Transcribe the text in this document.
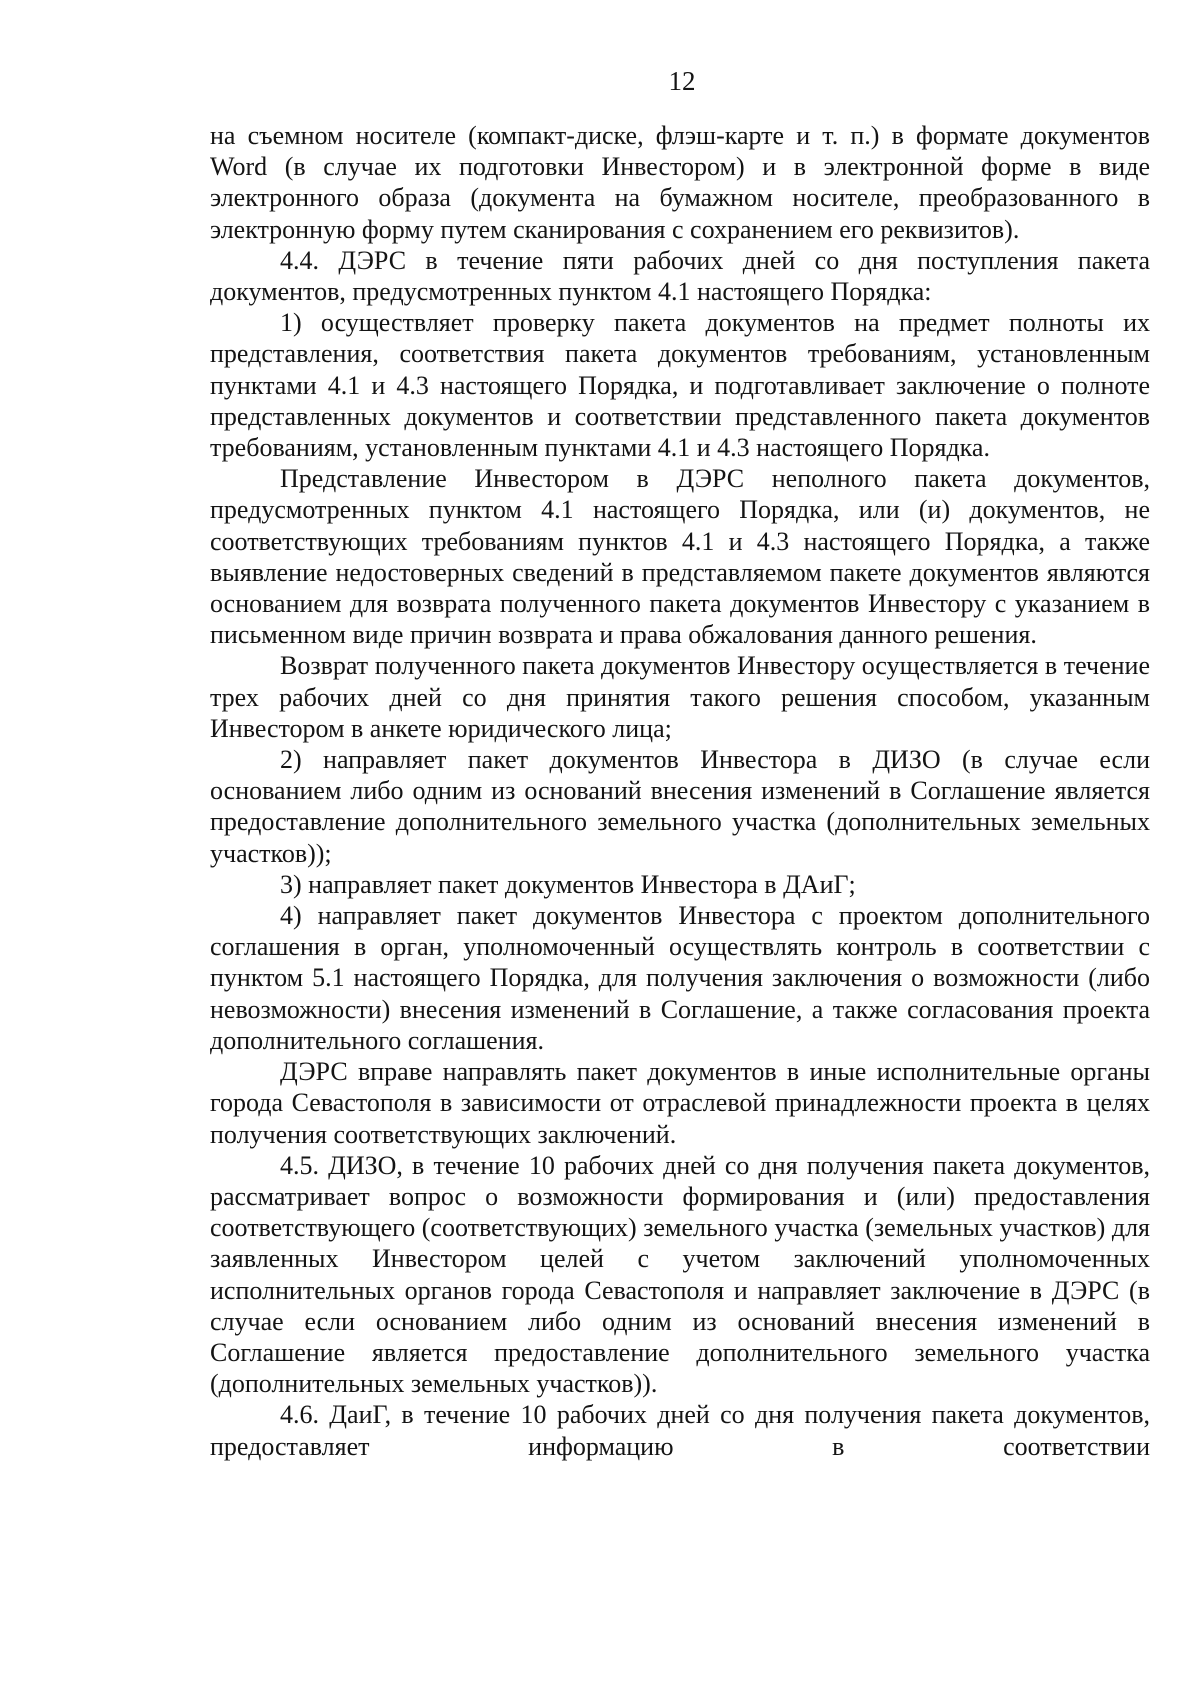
12

на съемном носителе (компакт-диске, флэш-карте и т. п.) в формате документов Word (в случае их подготовки Инвестором) и в электронной форме в виде электронного образа (документа на бумажном носителе, преобразованного в электронную форму путем сканирования с сохранением его реквизитов).

4.4. ДЭРС в течение пяти рабочих дней со дня поступления пакета документов, предусмотренных пунктом 4.1 настоящего Порядка:

1) осуществляет проверку пакета документов на предмет полноты их представления, соответствия пакета документов требованиям, установленным пунктами 4.1 и 4.3 настоящего Порядка, и подготавливает заключение о полноте представленных документов и соответствии представленного пакета документов требованиям, установленным пунктами 4.1 и 4.3 настоящего Порядка.

Представление Инвестором в ДЭРС неполного пакета документов, предусмотренных пунктом 4.1 настоящего Порядка, или (и) документов, не соответствующих требованиям пунктов 4.1 и 4.3 настоящего Порядка, а также выявление недостоверных сведений в представляемом пакете документов являются основанием для возврата полученного пакета документов Инвестору с указанием в письменном виде причин возврата и права обжалования данного решения.

Возврат полученного пакета документов Инвестору осуществляется в течение трех рабочих дней со дня принятия такого решения способом, указанным Инвестором в анкете юридического лица;

2) направляет пакет документов Инвестора в ДИЗО (в случае если основанием либо одним из оснований внесения изменений в Соглашение является предоставление дополнительного земельного участка (дополнительных земельных участков));

3) направляет пакет документов Инвестора в ДАиГ;

4) направляет пакет документов Инвестора с проектом дополнительного соглашения в орган, уполномоченный осуществлять контроль в соответствии с пунктом 5.1 настоящего Порядка, для получения заключения о возможности (либо невозможности) внесения изменений в Соглашение, а также согласования проекта дополнительного соглашения.

ДЭРС вправе направлять пакет документов в иные исполнительные органы города Севастополя в зависимости от отраслевой принадлежности проекта в целях получения соответствующих заключений.

4.5. ДИЗО, в течение 10 рабочих дней со дня получения пакета документов, рассматривает вопрос о возможности формирования и (или) предоставления соответствующего (соответствующих) земельного участка (земельных участков) для заявленных Инвестором целей с учетом заключений уполномоченных исполнительных органов города Севастополя и направляет заключение в ДЭРС (в случае если основанием либо одним из оснований внесения изменений в Соглашение является предоставление дополнительного земельного участка (дополнительных земельных участков)).

4.6. ДаиГ, в течение 10 рабочих дней со дня получения пакета документов, предоставляет информацию в соответствии
